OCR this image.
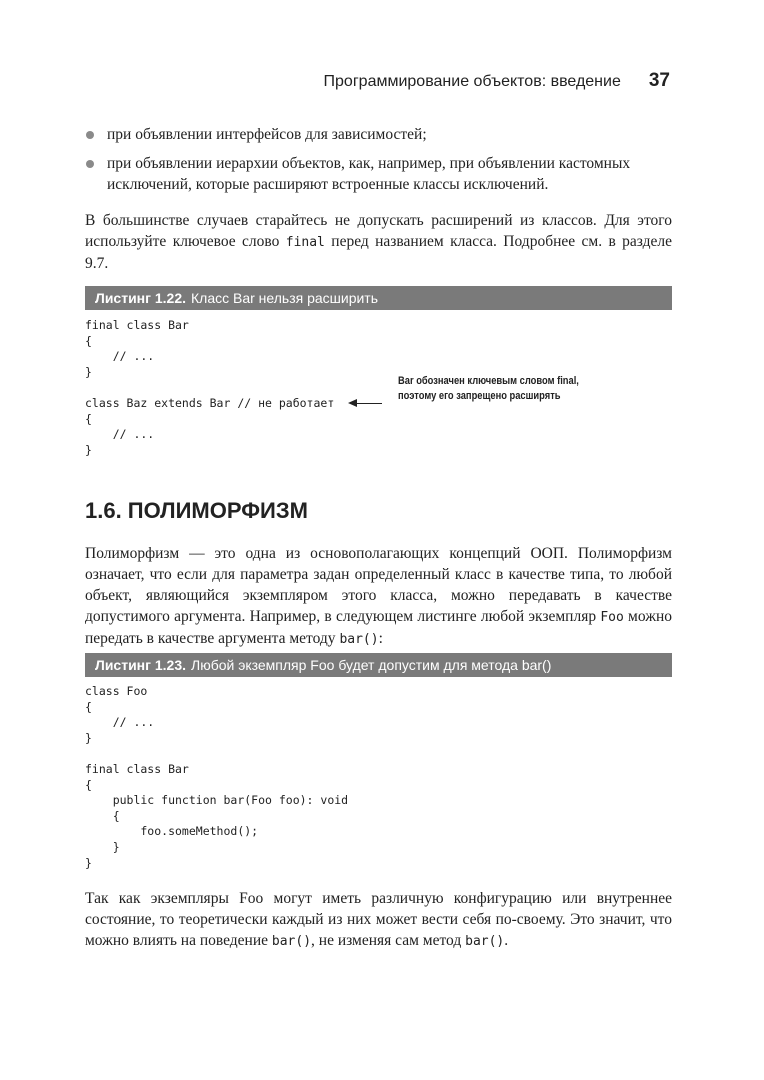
Программирование объектов: введение 37
при объявлении интерфейсов для зависимостей;
при объявлении иерархии объектов, как, например, при объявлении кастомных исключений, которые расширяют встроенные классы исключений.

В большинстве случаев старайтесь не допускать расширений из классов. Для этого используйте ключевое слово final перед названием класса. Подробнее см. в разделе 9.7.

Листинг 1.22. Класс Bar нельзя расширить
final class Bar
{
// ...
}
class Baz extends Bar // не работает
{
// ...
}
Bar обозначен ключевым словом final,
поэтому его запрещено расширять
1.6. ПОЛИМОРФИЗМ

Полиморфизм — это одна из основополагающих концепций ООП. Полиморфизм означает, что если для параметра задан определенный класс в качестве типа, то любой объект, являющийся экземпляром этого класса, можно передавать в качестве допустимого аргумента. Например, в следующем листинге любой экземпляр Foo можно передать в качестве аргумента методу bar():

Листинг 1.23. Любой экземпляр Foo будет допустим для метода bar()
class Foo
{
// ...
}
final class Bar
{
public function bar(Foo foo): void
{
foo.someMethod();
}
}

Так как экземпляры Foo могут иметь различную конфигурацию или внутреннее состояние, то теоретически каждый из них может вести себя по-своему. Это значит, что можно влиять на поведение bar(), не изменяя сам метод bar().
